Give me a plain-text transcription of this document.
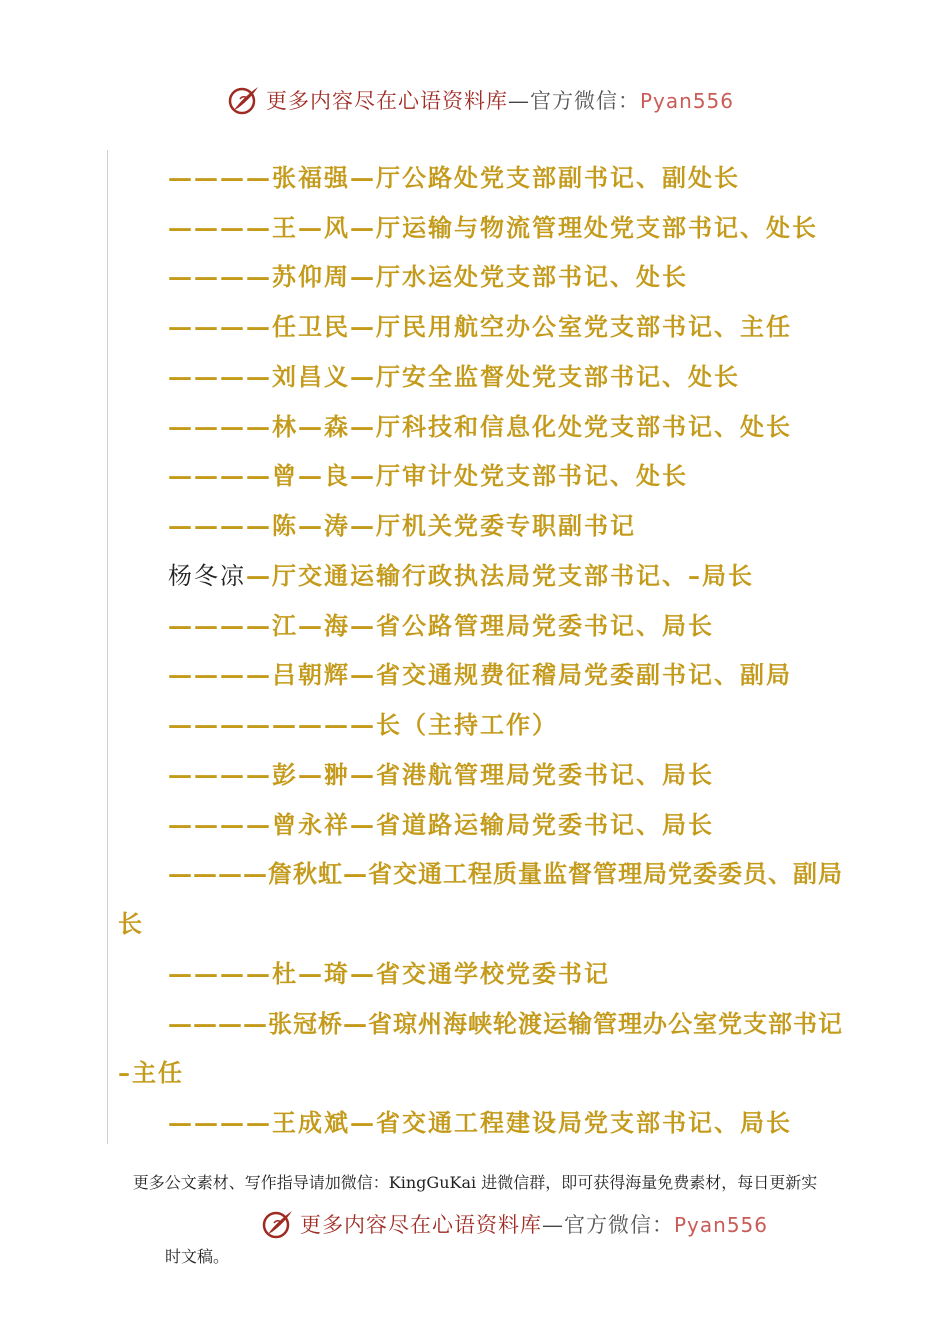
更多内容尽在心语资料库—官方微信：Pyan556
————张福强—厅公路处党支部副书记、副处长
————王—风—厅运输与物流管理处党支部书记、处长
————苏仰周—厅水运处党支部书记、处长
————任卫民—厅民用航空办公室党支部书记、主任
————刘昌义—厅安全监督处党支部书记、处长
————林—森—厅科技和信息化处党支部书记、处长
————曾—良—厅审计处党支部书记、处长
————陈—涛—厅机关党委专职副书记
杨冬凉—厅交通运输行政执法局党支部书记、–局长
————江—海—省公路管理局党委书记、局长
————吕朝辉—省交通规费征稽局党委副书记、副局
————————长（主持工作）
————彭—翀—省港航管理局党委书记、局长
————曾永祥—省道路运输局党委书记、局长
————詹秋虹—省交通工程质量监督管理局党委委员、副局
长
————杜—琦—省交通学校党委书记
————张冠桥—省琼州海峡轮渡运输管理办公室党支部书记
–主任
————王成斌—省交通工程建设局党支部书记、局长
更多公文素材、写作指导请加微信：KingGuKai 进微信群，即可获得海量免费素材，每日更新实
更多内容尽在心语资料库—官方微信：Pyan556
时文稿。
